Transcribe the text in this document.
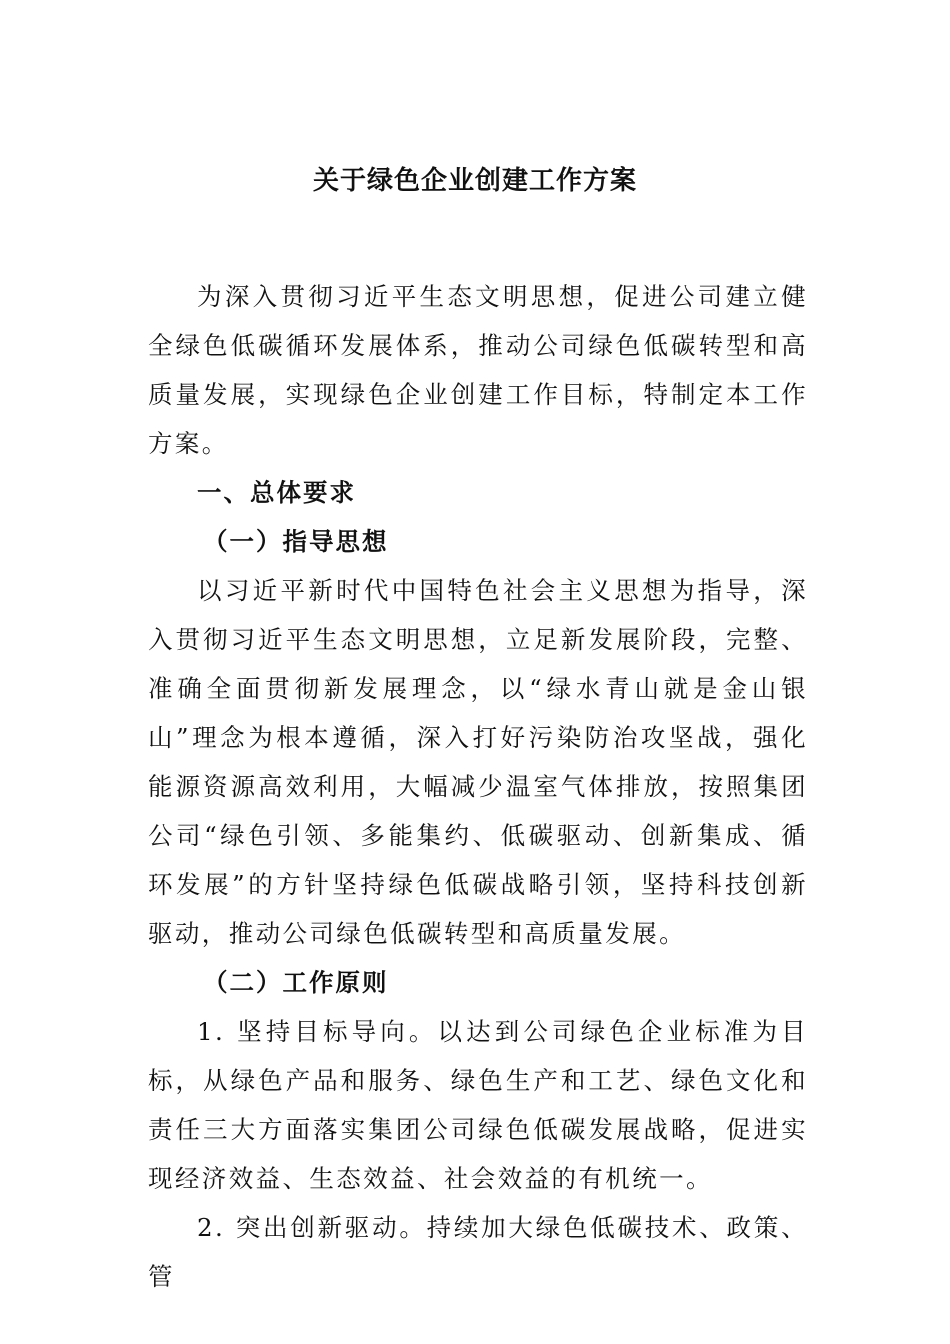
关于绿色企业创建工作方案

为深入贯彻习近平生态文明思想，促进公司建立健全绿色低碳循环发展体系，推动公司绿色低碳转型和高质量发展，实现绿色企业创建工作目标，特制定本工作方案。

一、总体要求

（一）指导思想

以习近平新时代中国特色社会主义思想为指导，深入贯彻习近平生态文明思想，立足新发展阶段，完整、准确全面贯彻新发展理念，以“绿水青山就是金山银山”理念为根本遵循，深入打好污染防治攻坚战，强化能源资源高效利用，大幅减少温室气体排放，按照集团公司“绿色引领、多能集约、低碳驱动、创新集成、循环发展”的方针坚持绿色低碳战略引领，坚持科技创新驱动，推动公司绿色低碳转型和高质量发展。

（二）工作原则

1. 坚持目标导向。以达到公司绿色企业标准为目标，从绿色产品和服务、绿色生产和工艺、绿色文化和责任三大方面落实集团公司绿色低碳发展战略，促进实现经济效益、生态效益、社会效益的有机统一。

2. 突出创新驱动。持续加大绿色低碳技术、政策、管
